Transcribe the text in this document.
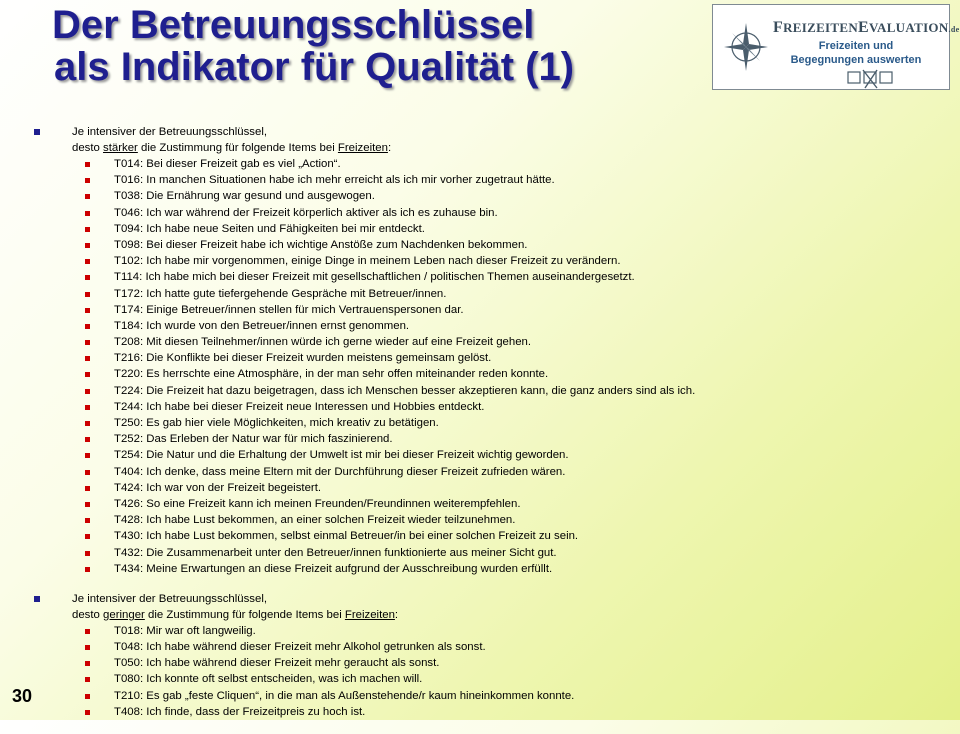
Der Betreuungsschlüssel
als Indikator für Qualität (1)
FREIZEITENEVALUATION.de
Freizeiten und
Begegnungen auswerten
Je intensiver der Betreuungsschlüssel,
desto stärker die Zustimmung für folgende Items bei Freizeiten:
T014: Bei dieser Freizeit gab es viel „Action“.
T016: In manchen Situationen habe ich mehr erreicht als ich mir vorher zugetraut hätte.
T038: Die Ernährung war gesund und ausgewogen.
T046: Ich war während der Freizeit körperlich aktiver als ich es zuhause bin.
T094: Ich habe neue Seiten und Fähigkeiten bei mir entdeckt.
T098: Bei dieser Freizeit habe ich wichtige Anstöße zum Nachdenken bekommen.
T102: Ich habe mir vorgenommen, einige Dinge in meinem Leben nach dieser Freizeit zu verändern.
T114: Ich habe mich bei dieser Freizeit mit gesellschaftlichen / politischen Themen auseinandergesetzt.
T172: Ich hatte gute tiefergehende Gespräche mit Betreuer/innen.
T174: Einige Betreuer/innen stellen für mich Vertrauenspersonen dar.
T184: Ich wurde von den Betreuer/innen ernst genommen.
T208: Mit diesen Teilnehmer/innen würde ich gerne wieder auf eine Freizeit gehen.
T216: Die Konflikte bei dieser Freizeit wurden meistens gemeinsam gelöst.
T220: Es herrschte eine Atmosphäre, in der man sehr offen miteinander reden konnte.
T224: Die Freizeit hat dazu beigetragen, dass ich Menschen besser akzeptieren kann, die ganz anders sind als ich.
T244: Ich habe bei dieser Freizeit neue Interessen und Hobbies entdeckt.
T250: Es gab hier viele Möglichkeiten, mich kreativ zu betätigen.
T252: Das Erleben der Natur war für mich faszinierend.
T254: Die Natur und die Erhaltung der Umwelt ist mir bei dieser Freizeit wichtig geworden.
T404: Ich denke, dass meine Eltern mit der Durchführung dieser Freizeit zufrieden wären.
T424: Ich war von der Freizeit begeistert.
T426: So eine Freizeit kann ich meinen Freunden/Freundinnen weiterempfehlen.
T428: Ich habe Lust bekommen, an einer solchen Freizeit wieder teilzunehmen.
T430: Ich habe Lust bekommen, selbst einmal Betreuer/in bei einer solchen Freizeit zu sein.
T432: Die Zusammenarbeit unter den Betreuer/innen funktionierte aus meiner Sicht gut.
T434: Meine Erwartungen an diese Freizeit aufgrund der Ausschreibung wurden erfüllt.
Je intensiver der Betreuungsschlüssel,
desto geringer die Zustimmung für folgende Items bei Freizeiten:
T018: Mir war oft langweilig.
T048: Ich habe während dieser Freizeit mehr Alkohol getrunken als sonst.
T050: Ich habe während dieser Freizeit mehr geraucht als sonst.
T080: Ich konnte oft selbst entscheiden, was ich machen will.
T210: Es gab „feste Cliquen“, in die man als Außenstehende/r kaum hineinkommen konnte.
T408: Ich finde, dass der Freizeitpreis zu hoch ist.
30
